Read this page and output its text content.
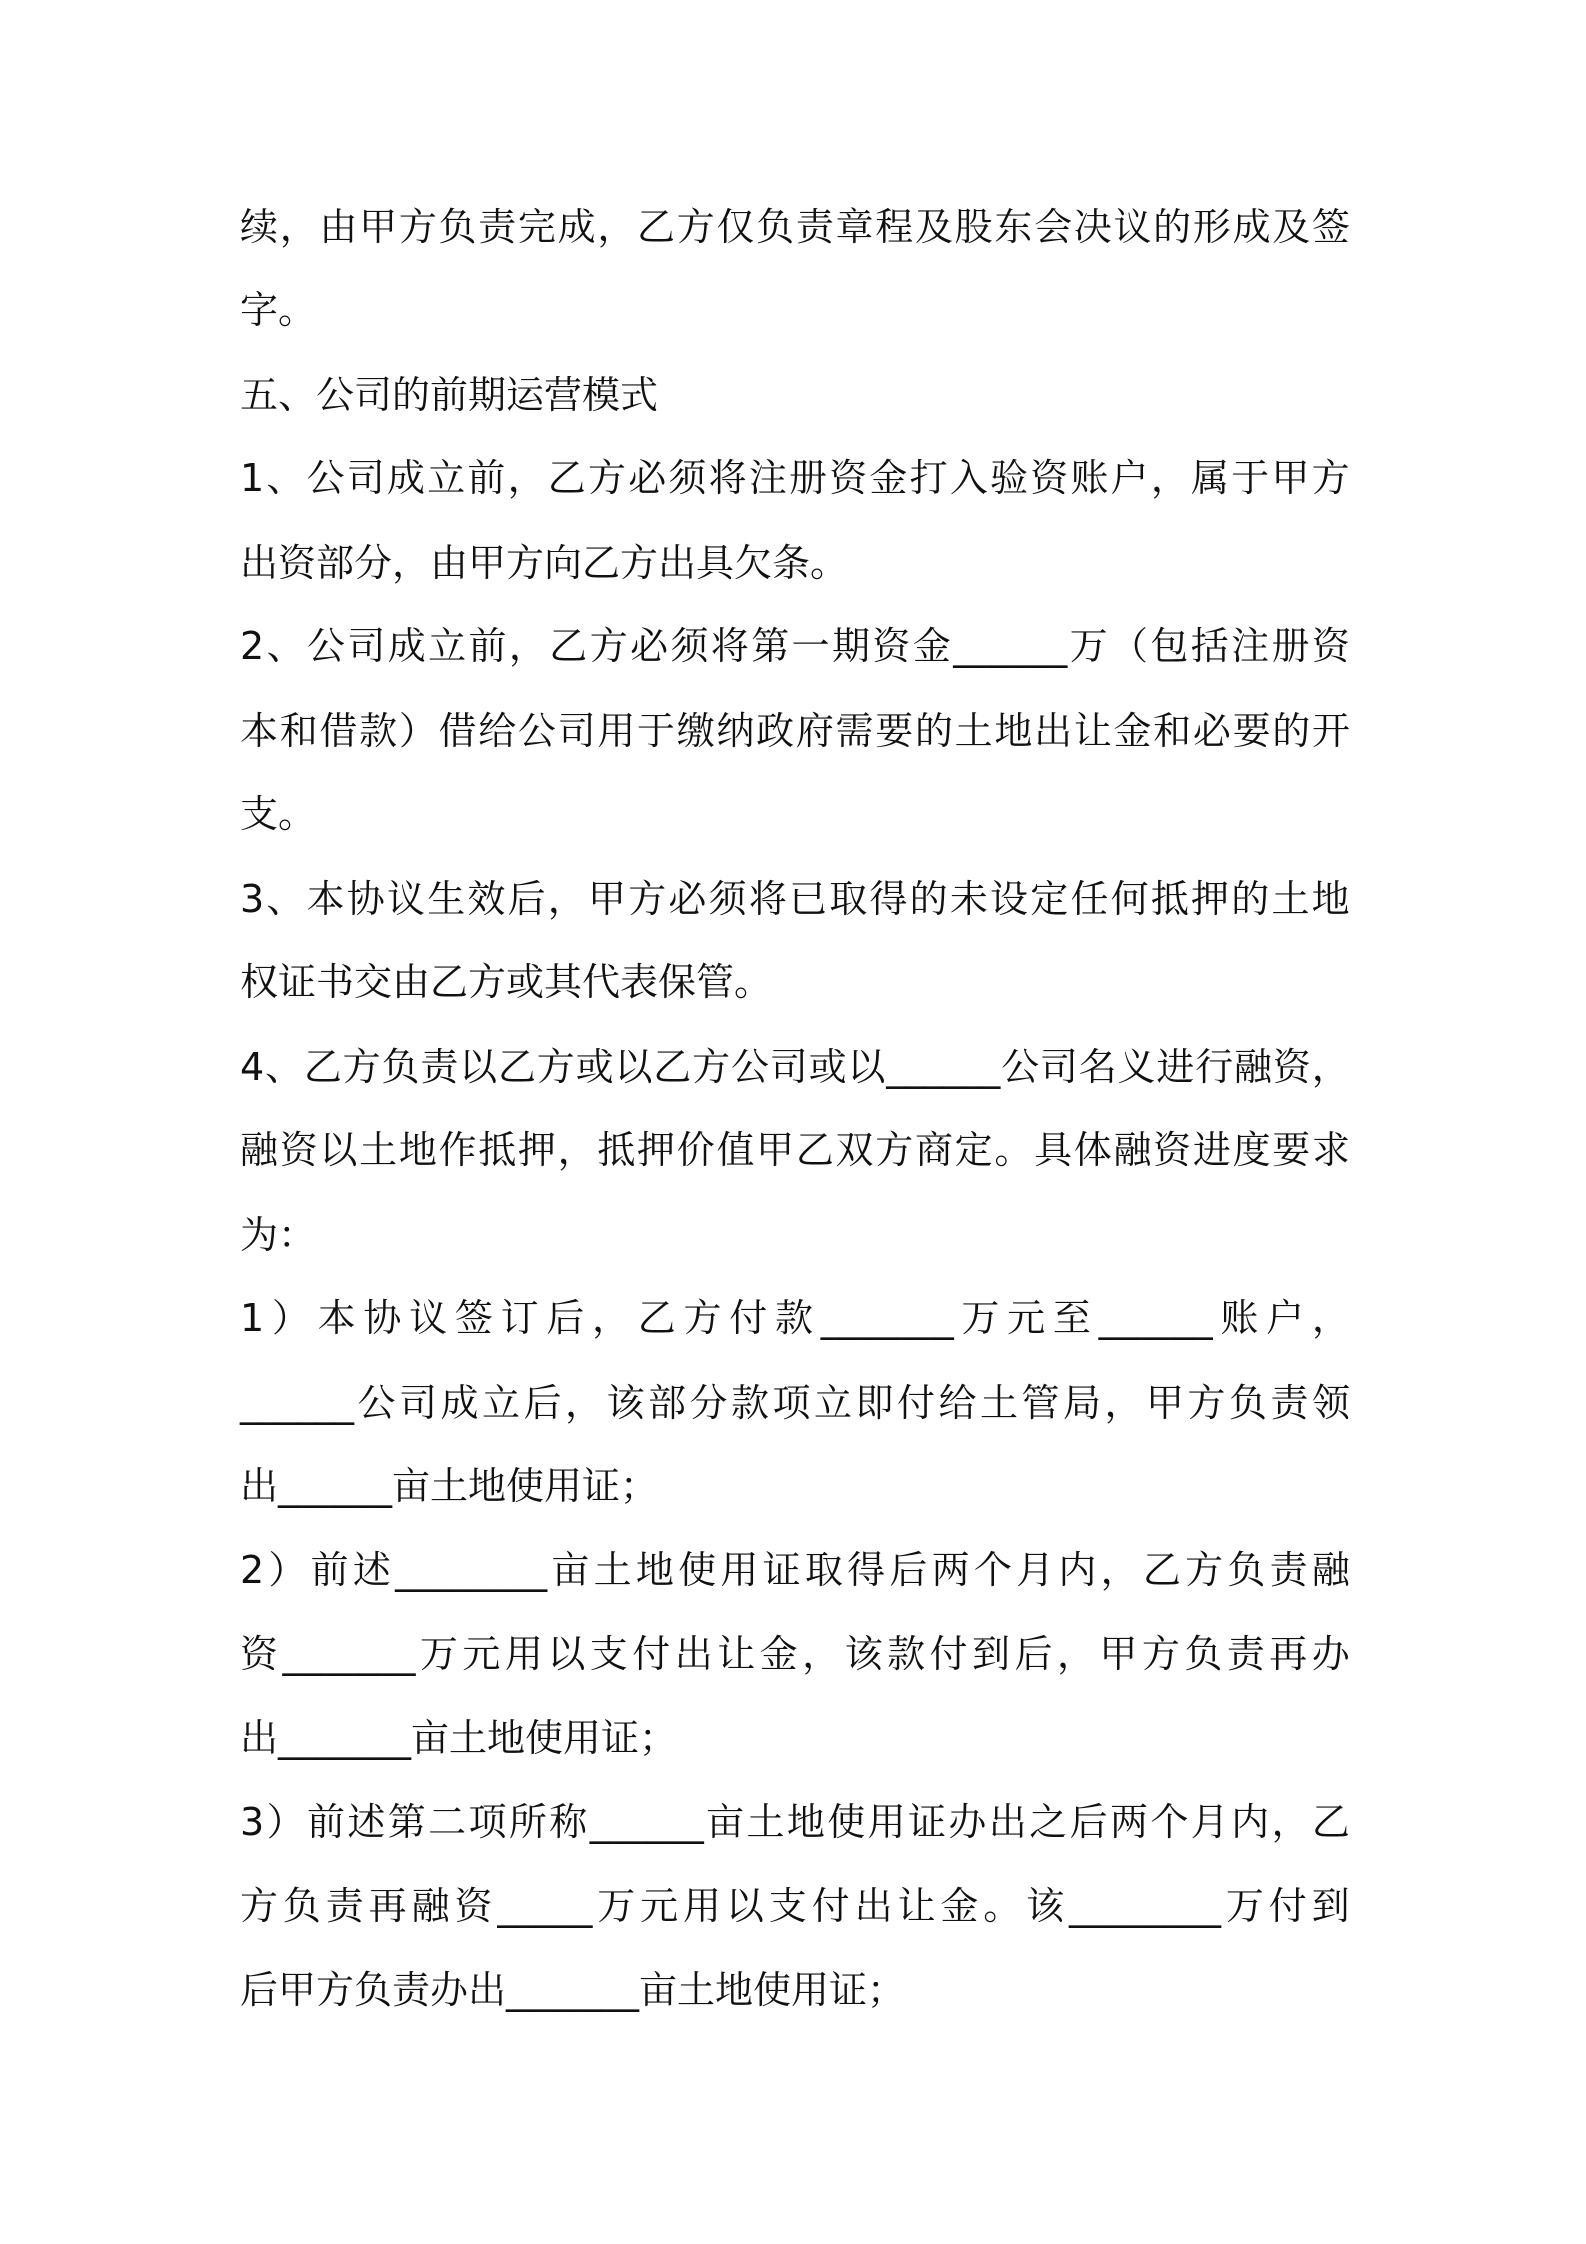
续 ， 由 甲 方 负 责 完 成 ， 乙 方 仅 负 责 章 程 及 股 东 会 决 议 的 形 成 及 签

字。

五、公司的前期运营模式

1 、 公 司 成 立 前 ， 乙 方 必 须 将 注 册 资 金 打 入 验 资 账 户 ， 属 于 甲 方

出资部分，由甲方向乙方出具欠条。

2 、 公 司 成 立 前 ， 乙 方 必 须 将 第 一 期 资 金 ______ 万 （ 包 括 注 册 资

本 和 借 款 ） 借 给 公 司 用 于 缴 纳 政 府 需 要 的 土 地 出 让 金 和 必 要 的 开

支。

3 、 本 协 议 生 效 后 ， 甲 方 必 须 将 已 取 得 的 未 设 定 任 何 抵 押 的 土 地

权证书交由乙方或其代表保管。

4 、 乙 方 负 责 以 乙 方 或 以 乙 方 公 司 或 以 ______ 公 司 名 义 进 行 融 资 ，

融 资 以 土 地 作 抵 押 ， 抵 押 价 值 甲 乙 双 方 商 定 。 具 体 融 资 进 度 要 求

为：

1 ） 本 协 议 签 订 后 ， 乙 方 付 款 _______ 万 元 至 ______ 账 户 ，

______ 公 司 成 立 后 ， 该 部 分 款 项 立 即 付 给 土 管 局 ， 甲 方 负 责 领

出______亩土地使用证；

2 ） 前 述 ________ 亩 土 地 使 用 证 取 得 后 两 个 月 内 ， 乙 方 负 责 融

资 _______ 万 元 用 以 支 付 出 让 金 ， 该 款 付 到 后 ， 甲 方 负 责 再 办

出_______亩土地使用证；

3 ） 前 述 第 二 项 所 称 ______ 亩 土 地 使 用 证 办 出 之 后 两 个 月 内 ， 乙

方 负 责 再 融 资 _____ 万 元 用 以 支 付 出 让 金 。 该 ________ 万 付 到

后甲方负责办出_______亩土地使用证；
